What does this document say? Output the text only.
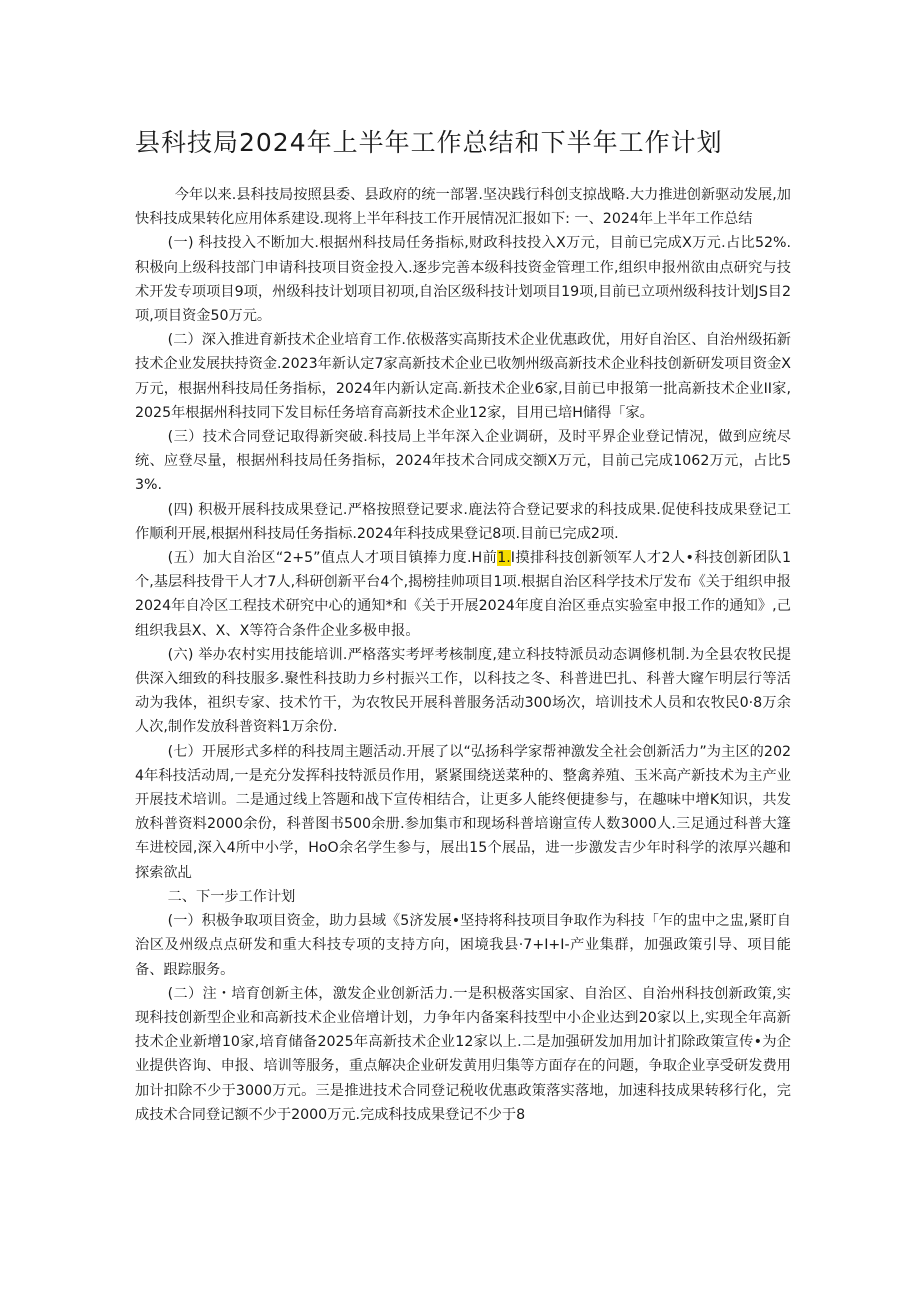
县科技局2024年上半年工作总结和下半年工作计划

今年以来.县科技局按照县委、县政府的统一部署.坚决践行科创支掠战略.大力推进创新驱动发展,加快科技成果转化应用体系建设.现将上半年科技工作开展情况汇报如下: 一、2024年上半年工作总结

(一) 科技投入不断加大.根据州科技局任务指标,财政科技投入X万元，目前已完成X万元.占比52%.积极向上级科技部门申请科技项目资金投入.逐步完善本级科技资金管理工作,组织申报州欲由点研究与技术开发专项项目9项，州级科技计划项目初项,自治区级科技计划项目19项,目前已立项州级科技计划JS目2项,项目资金50万元。

(二）深入推进育新技术企业培育工作.依极落实高斯技术企业优惠政优，用好自治区、自治州级拓新技术企业发展扶持资金.2023年新认定7家高新技术企业已收刎州级高新技术企业科技创新研发项目资金X万元，根据州科技局任务指标，2024年内新认定高.新技术企业6家,目前已申报第一批高新技术企业II家,2025年根据州科技同下发目标任务培育高新技术企业12家，目用已培H储得「家。

(三）技术合同登记取得新突破.科技局上半年深入企业调研，及时平界企业登记情况，做到应统尽统、应登尽量，根据州科技局任务指标，2024年技术合同成交额X万元，目前己完成1062万元，占比53%.

(四) 积极开展科技成果登记.严格按照登记要求.鹿法符合登记要求的科技成果.促使科技成果登记工作顺利开展,根据州科技局任务指标.2024年科技成果登记8项.目前已完成2项.

(五）加大自治区“2+5”值点人才项目镇捧力度.H前1.I摸排科技创新领军人才2人•科技创新团队1个,基层科技骨干人才7人,科研创新平台4个,揭榜挂帅项目1项.根据自治区科学技术厅发布《关于组织申报2024年自冷区工程技术研究中心的通知*和《关于开展2024年度自治区垂点实验室申报工作的通知》,己组织我县X、X、X等符合条件企业多极申报。

(六) 举办农村实用技能培训.严格落实考坪考核制度,建立科技特派员动态调修机制.为全县农牧民提供深入细致的科技服多.聚性科技助力乡村振兴工作，以科技之冬、科普进巴扎、科普大窿乍明层行等活动为我体，祖织专家、技术竹干，为农牧民开展科普服务活动300场次，培训技术人员和农牧民0·8万余人次,制作发放科普资料1万余份.

(七）开展形式多样的科技周主题活动.开展了以“弘扬科学家帮神激发全社会创新活力”为主区的2024年科技活动周,一是充分发挥科技特派员作用，紧紧围绕送菜种的、整禽养殖、玉米高产新技术为主产业开展技术培训。二是通过线上答题和战下宣传相结合，让更多人能终便捷参与，在趣味中增K知识，共发放科普资料2000余份，科普图书500余册.参加集市和现场科普培谢宣传人数3000人.三足通过科普大篷车进校园,深入4所中小学，HoO余名学生参与，展出15个展品，进一步激发吉少年时科学的浓厚兴趣和探索欲乩

二、下一步工作计划

(一）积极争取项目资金，助力县域《5济发展•坚持将科技项目争取作为科技「乍的盅中之盅,紧盯自治区及州级点点研发和重大科技专项的支持方向，困境我县·7+I+I-产业集群，加强政策引导、项目能备、跟踪服务。

(二）注・培育创新主体，激发企业创新活力.一是积极落实国家、自治区、自治州科技创新政策,实现科技创新型企业和高新技术企业倍增计划，力争年内备案科技型中小企业达到20家以上,实现全年高新技术企业新增10家,培育储备2025年高新技术企业12家以上.二是加强研发加用加计扪除政策宣传•为企业提供咨询、申报、培训等服务，重点解决企业研发黄用归集等方面存在的问题，争取企业享受研发费用加计扣除不少于3000万元。三是推进技术合同登记税收优惠政策落实落地，加速科技成果转移行化，完成技术合同登记额不少于2000万元.完成科技成果登记不少于8
